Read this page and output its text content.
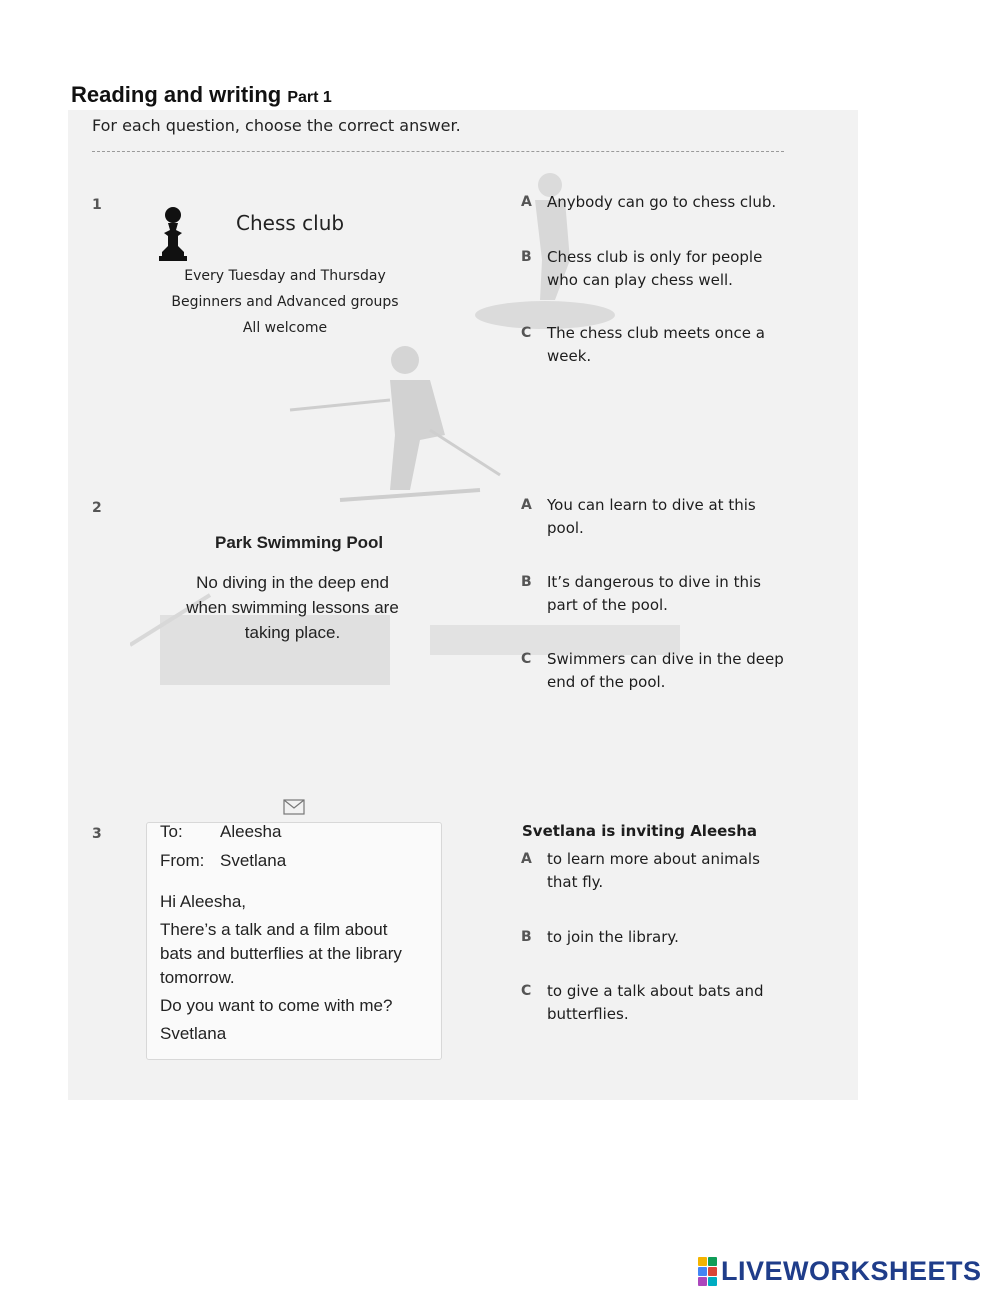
Reading and writing Part 1
For each question, choose the correct answer.
1
Chess club
Every Tuesday and Thursday
Beginners and Advanced groups
All welcome
A Anybody can go to chess club.
B Chess club is only for people who can play chess well.
C The chess club meets once a week.
2
Park Swimming Pool
No diving in the deep end
when swimming lessons are
taking place.
A You can learn to dive at this pool.
B It’s dangerous to dive in this part of the pool.
C Swimmers can dive in the deep end of the pool.
3	To: Aleesha
From: Svetlana
Hi Aleesha,
There’s a talk and a film about
bats and butterflies at the library
tomorrow.
Do you want to come with me?
Svetlana
Svetlana is inviting Aleesha
A to learn more about animals that fly.
B to join the library.
C to give a talk about bats and butterflies.
LIVEWORKSHEETS
